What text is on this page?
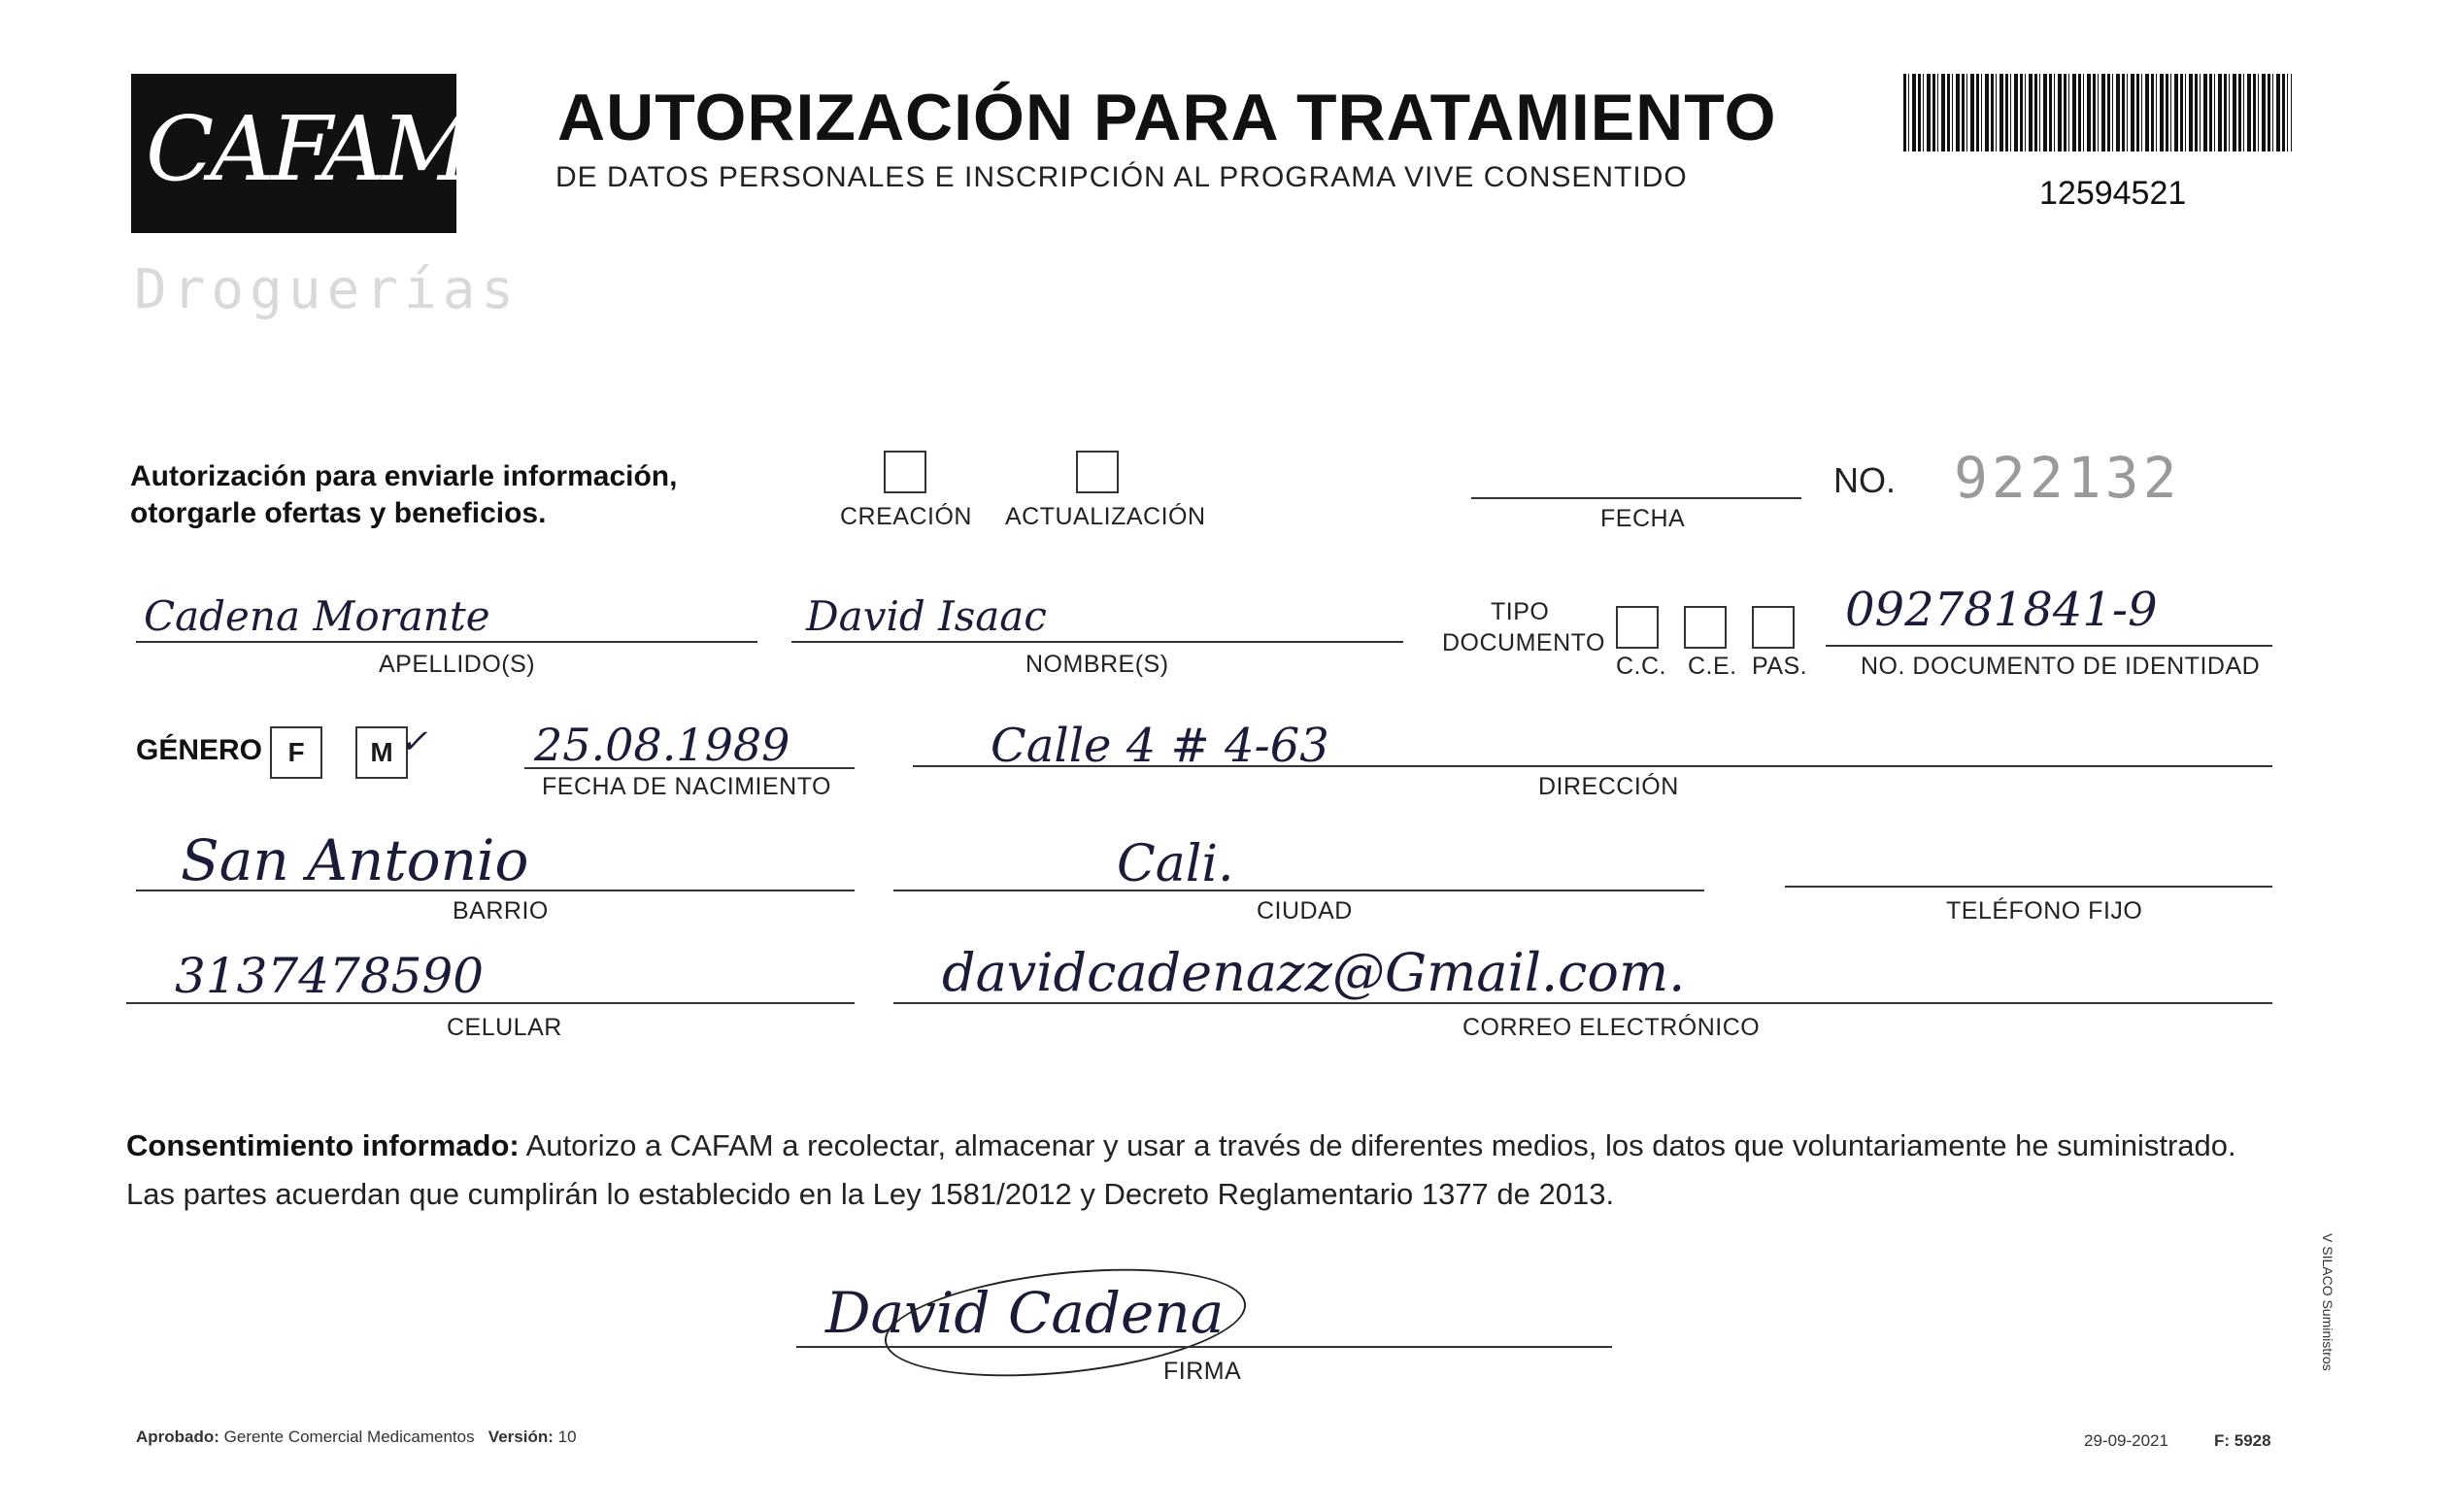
CAFAM
Droguerías
AUTORIZACIÓN PARA TRATAMIENTO
DE DATOS PERSONALES E INSCRIPCIÓN AL PROGRAMA VIVE CONSENTIDO	12594521
Autorización para enviarle información,
otorgarle ofertas y beneficios.	CREACIÓN ACTUALIZACIÓN	FECHA
NO. 922132
Cadena Morante
APELLIDO(S)
David Isaac
NOMBRE(S)
TIPO
DOCUMENTO
C.C. C.E. PAS.
092781841-9
NO. DOCUMENTO DE IDENTIDAD
GÉNERO F	M ✓ 25.08.1989
FECHA DE NACIMIENTO
Calle 4 # 4-63
DIRECCIÓN
San Antonio
BARRIO
Cali.
CIUDAD	TELÉFONO FIJO
3137478590
CELULAR
davidcadenazz@Gmail.com.
CORREO ELECTRÓNICO
Consentimiento informado: Autorizo a CAFAM a recolectar, almacenar y usar a través de diferentes medios, los datos que voluntariamente he suministrado. Las partes acuerdan que cumplirán lo establecido en la Ley 1581/2012 y Decreto Reglamentario 1377 de 2013.
David Cadena
FIRMA
Aprobado: Gerente Comercial Medicamentos Versión: 10	29-09-2021	F: 5928
V SILACO Suministros
